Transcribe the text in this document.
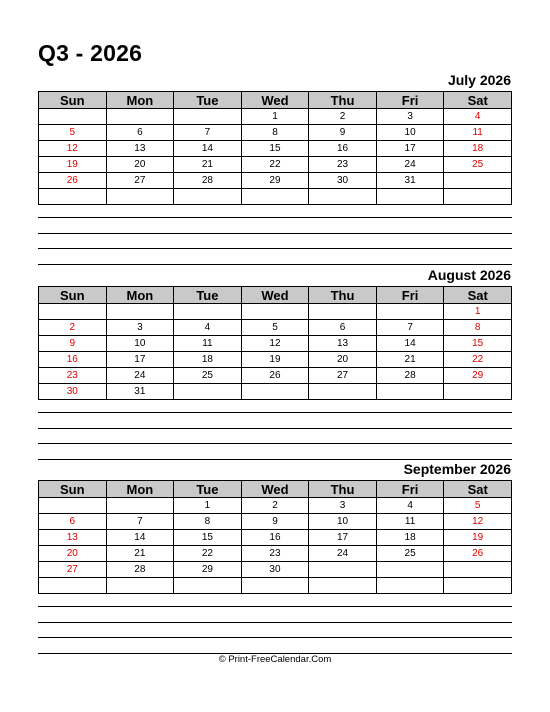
Q3 - 2026
July 2026
Sun	Mon	Tue	Wed	Thu	Fri	Sat
			1	2	3	4
5	6	7	8	9	10	11
12	13	14	15	16	17	18
19	20	21	22	23	24	25
26	27	28	29	30	31	

August 2026
Sun	Mon	Tue	Wed	Thu	Fri	Sat
						1
2	3	4	5	6	7	8
9	10	11	12	13	14	15
16	17	18	19	20	21	22
23	24	25	26	27	28	29
30	31					
September 2026
Sun	Mon	Tue	Wed	Thu	Fri	Sat
		1	2	3	4	5
6	7	8	9	10	11	12
13	14	15	16	17	18	19
20	21	22	23	24	25	26
27	28	29	30			

© Print-FreeCalendar.Com
